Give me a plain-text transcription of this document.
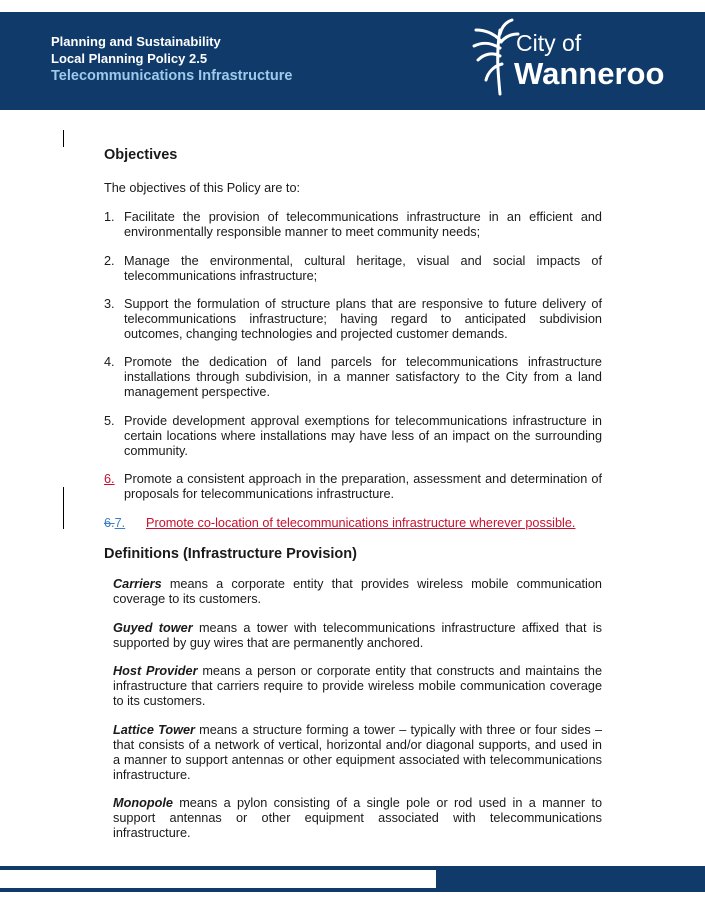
Planning and Sustainability
Local Planning Policy 2.5
Telecommunications Infrastructure
City of
Wanneroo
Objectives
The objectives of this Policy are to:
1. Facilitate the provision of telecommunications infrastructure in an efficient and environmentally responsible manner to meet community needs;
2. Manage the environmental, cultural heritage, visual and social impacts of telecommunications infrastructure;
3. Support the formulation of structure plans that are responsive to future delivery of telecommunications infrastructure; having regard to anticipated subdivision outcomes, changing technologies and projected customer demands.
4. Promote the dedication of land parcels for telecommunications infrastructure installations through subdivision, in a manner satisfactory to the City from a land management perspective.
5. Provide development approval exemptions for telecommunications infrastructure in certain locations where installations may have less of an impact on the surrounding community.
6. Promote a consistent approach in the preparation, assessment and determination of proposals for telecommunications infrastructure.
6.7. Promote co-location of telecommunications infrastructure wherever possible.
Definitions (Infrastructure Provision)
Carriers means a corporate entity that provides wireless mobile communication coverage to its customers.
Guyed tower means a tower with telecommunications infrastructure affixed that is supported by guy wires that are permanently anchored.
Host Provider means a person or corporate entity that constructs and maintains the infrastructure that carriers require to provide wireless mobile communication coverage to its customers.
Lattice Tower means a structure forming a tower – typically with three or four sides – that consists of a network of vertical, horizontal and/or diagonal supports, and used in a manner to support antennas or other equipment associated with telecommunications infrastructure.
Monopole means a pylon consisting of a single pole or rod used in a manner to support antennas or other equipment associated with telecommunications infrastructure.
